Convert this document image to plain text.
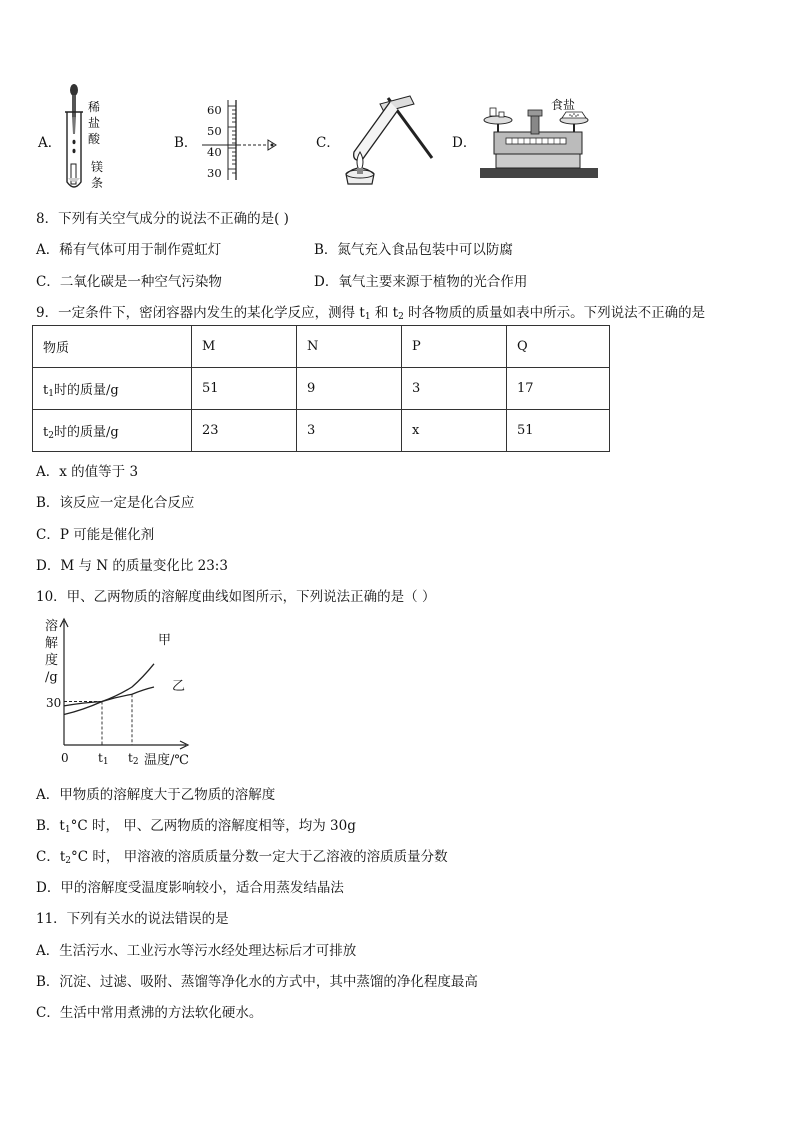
A．
稀
盐
酸
镁
条
B．
60
50
40
30
C．	D．
食盐
8．下列有关空气成分的说法不正确的是( )
A．稀有气体可用于制作霓虹灯	B．氮气充入食品包装中可以防腐
C．二氧化碳是一种空气污染物	D．氧气主要来源于植物的光合作用
9．一定条件下，密闭容器内发生的某化学反应，测得 $t_1$ 和 $t_2$ 时各物质的质量如表中所示。下列说法不正确的是
物质	M	N	P	Q
$t_1$时的质量/g	51	9	3	17
$t_2$时的质量/g	23	3	x	51
A．x 的值等于 3
B．该反应一定是化合反应
C．P 可能是催化剂
D．M 与 N 的质量变化比 23:3
10．甲、乙两物质的溶解度曲线如图所示，下列说法正确的是（ ）
溶
解
度
/g
0
30
$t_1$ $t_2$ 温度/℃
甲
乙
A．甲物质的溶解度大于乙物质的溶解度
B．$t_1^\circ C$ 时， 甲、乙两物质的溶解度相等，均为 30g
C．$t_2^\circ C$ 时， 甲溶液的溶质质量分数一定大于乙溶液的溶质质量分数
D．甲的溶解度受温度影响较小，适合用蒸发结晶法
11．下列有关水的说法错误的是
A．生活污水、工业污水等污水经处理达标后才可排放
B．沉淀、过滤、吸附、蒸馏等净化水的方式中，其中蒸馏的净化程度最高
C．生活中常用煮沸的方法软化硬水。
